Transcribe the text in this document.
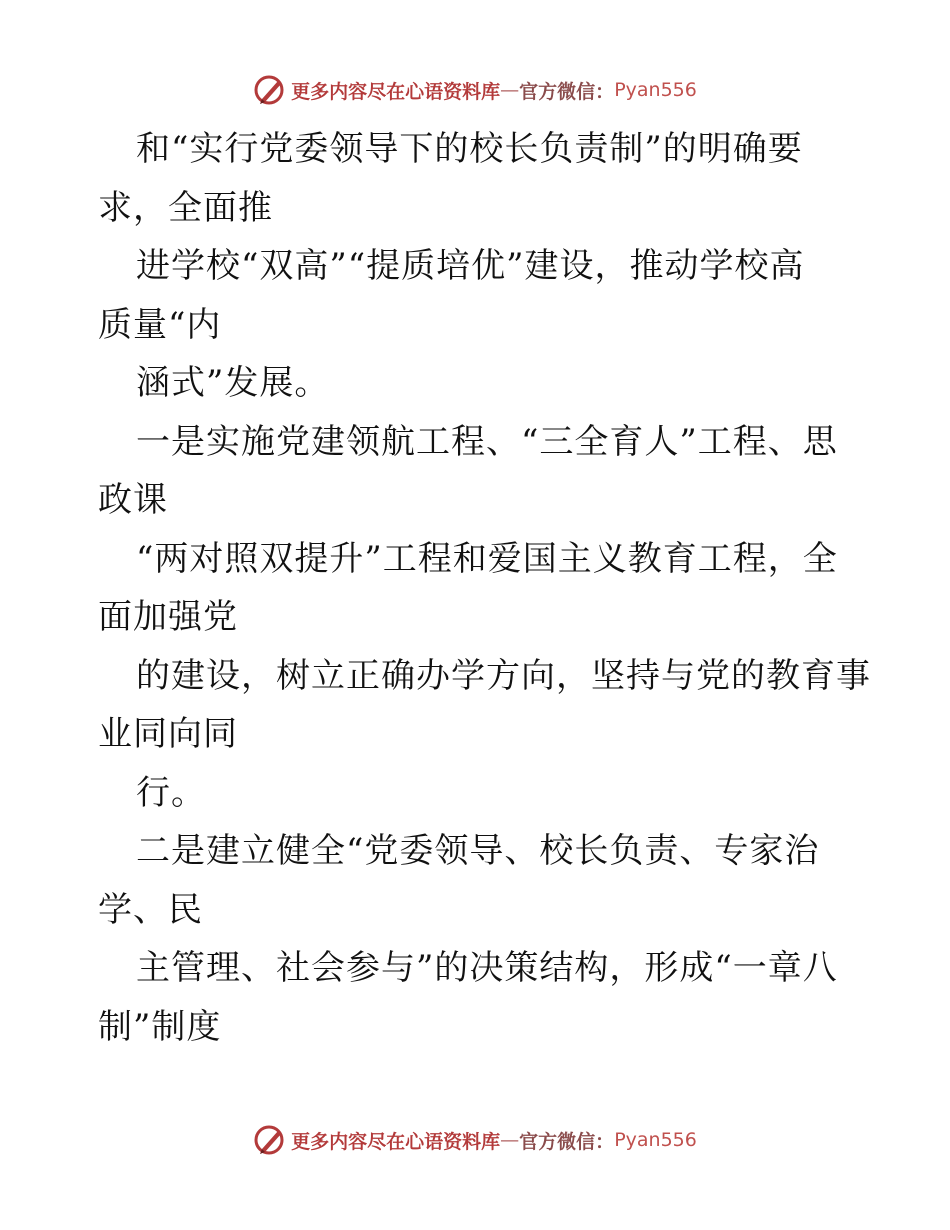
更多内容尽在心语资料库 — 官方微信： Pyan556
和“实行党委领导下的校长负责制”的明确要
求，全面推
进学校“双高”“提质培优”建设，推动学校高
质量“内
涵式”发展。
一是实施党建领航工程、“三全育人”工程、思
政课
“两对照双提升”工程和爱国主义教育工程，全
面加强党
的建设，树立正确办学方向，坚持与党的教育事
业同向同
行。
二是建立健全“党委领导、校长负责、专家治
学、民
主管理、社会参与”的决策结构，形成“一章八
制”制度
更多内容尽在心语资料库 — 官方微信： Pyan556
